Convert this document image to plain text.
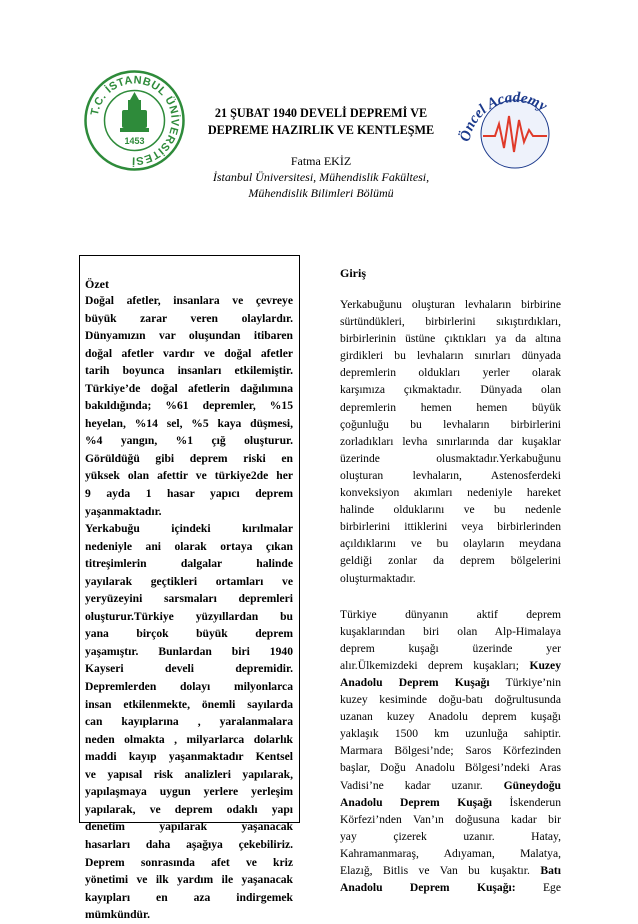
T.C. İSTANBUL ÜNİVERSİTESİ
1453	Öncel Academy
21 ŞUBAT 1940 DEVELİ DEPREMİ VE
DEPREME HAZIRLIK VE KENTLEŞME
Fatma EKİZ
İstanbul Üniversitesi, Mühendislik Fakültesi,
Mühendislik Bilimleri Bölümü
Özet
Doğal afetler, insanlara ve çevreye
büyük zarar veren olaylardır.
Dünyamızın var oluşundan itibaren
doğal afetler vardır ve doğal afetler
tarih boyunca insanları etkilemiştir.
Türkiye’de doğal afetlerin dağılımına
bakıldığında; %61 depremler, %15
heyelan, %14 sel, %5 kaya düşmesi,
%4 yangın, %1 çığ oluşturur.
Görüldüğü gibi deprem riski en
yüksek olan afettir ve türkiye2de her
9 ayda 1 hasar yapıcı deprem
yaşanmaktadır.
Yerkabuğu içindeki kırılmalar
nedeniyle ani olarak ortaya çıkan
titreşimlerin dalgalar halinde
yayılarak geçtikleri ortamları ve
yeryüzeyini sarsmaları depremleri
oluşturur.Türkiye yüzyıllardan bu
yana birçok büyük deprem
yaşamıştır. Bunlardan biri 1940
Kayseri develi depremidir.
Depremlerden dolayı milyonlarca
insan etkilenmekte, önemli sayılarda
can kayıplarına , yaralanmalara
neden olmakta , milyarlarca dolarlık
maddi kayıp yaşanmaktadır Kentsel
ve yapısal risk analizleri yapılarak,
yapılaşmaya uygun yerlere yerleşim
yapılarak, ve deprem odaklı yapı
denetim yapılarak yaşanacak
hasarları daha aşağıya çekebiliriz.
Deprem sonrasında afet ve kriz
yönetimi ve ilk yardım ile yaşanacak
kayıpları en aza indirgemek
mümkündür.
Giriş
Yerkabuğunu oluşturan levhaların birbirine
sürtündükleri, birbirlerini sıkıştırdıkları,
birbirlerinin üstüne çıktıkları ya da altına
girdikleri bu levhaların sınırları dünyada
depremlerin oldukları yerler olarak
karşımıza çıkmaktadır. Dünyada olan
depremlerin hemen hemen büyük
çoğunluğu bu levhaların birbirlerini
zorladıkları levha sınırlarında dar kuşaklar
üzerinde olusmaktadır.Yerkabuğunu
oluşturan levhaların, Astenosferdeki
konveksiyon akımları nedeniyle hareket
halinde olduklarını ve bu nedenle
birbirlerini ittiklerini veya birbirlerinden
açıldıklarını ve bu olayların meydana
geldiği zonlar da deprem bölgelerini
oluşturmaktadır.
Türkiye dünyanın aktif deprem
kuşaklarından biri olan Alp-Himalaya
deprem kuşağı üzerinde yer
alır.Ülkemizdeki deprem kuşakları; Kuzey
Anadolu Deprem Kuşağı Türkiye’nin
kuzey kesiminde doğu-batı doğrultusunda
uzanan kuzey Anadolu deprem kuşağı
yaklaşık 1500 km uzunluğa sahiptir.
Marmara Bölgesi’nde; Saros Körfezinden
başlar, Doğu Anadolu Bölgesi’ndeki Aras
Vadisi’ne kadar uzanır. Güneydoğu
Anadolu Deprem Kuşağı İskenderun
Körfezi’nden Van’ın doğusuna kadar bir
yay çizerek uzanır. Hatay,
Kahramanmaraş, Adıyaman, Malatya,
Elazığ, Bitlis ve Van bu kuşaktır. Batı
Anadolu Deprem Kuşağı: Ege
